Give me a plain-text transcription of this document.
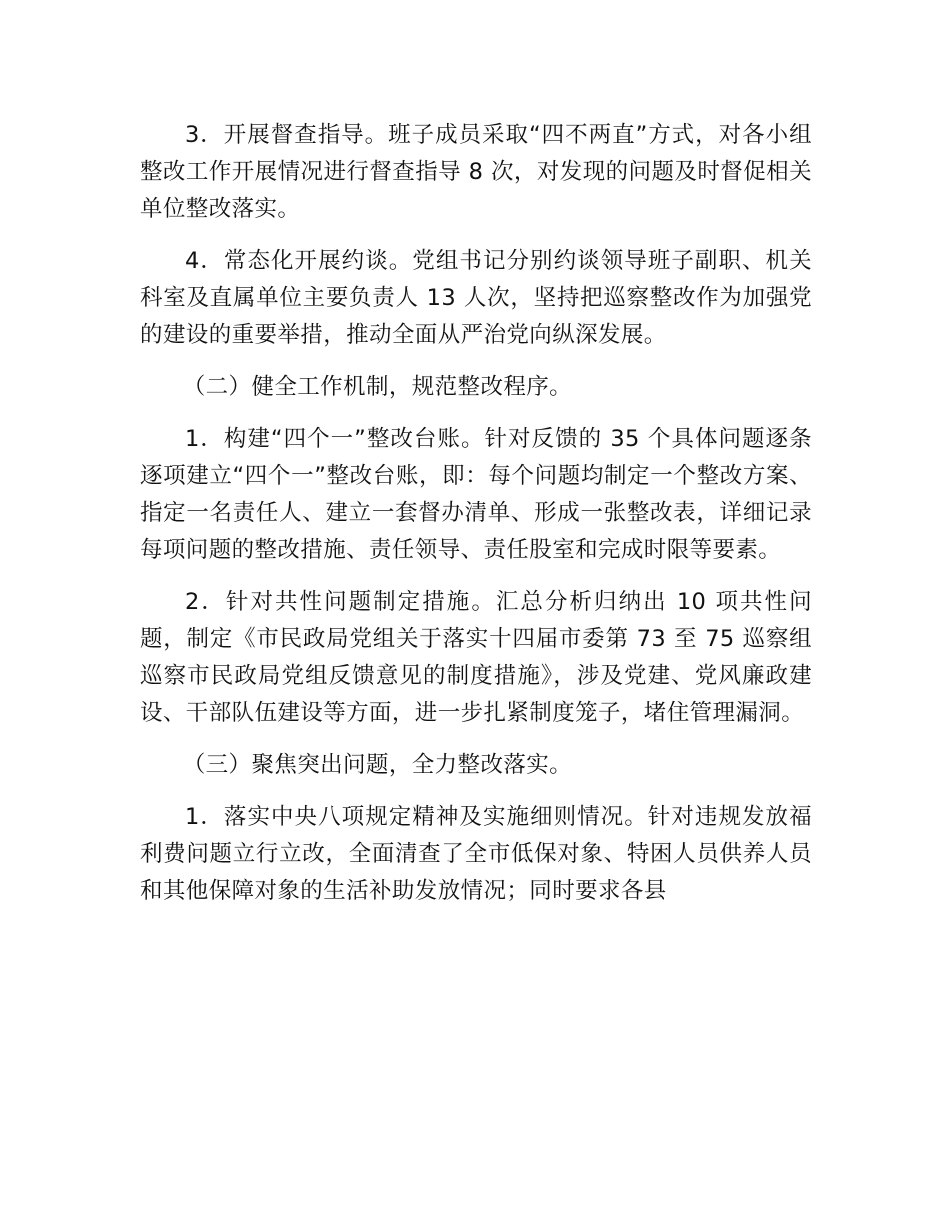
3．开展督查指导。班子成员采取“四不两直”方式，对各小组整改工作开展情况进行督查指导 8 次，对发现的问题及时督促相关单位整改落实。

4．常态化开展约谈。党组书记分别约谈领导班子副职、机关科室及直属单位主要负责人 13 人次，坚持把巡察整改作为加强党的建设的重要举措，推动全面从严治党向纵深发展。

（二）健全工作机制，规范整改程序。

1．构建“四个一”整改台账。针对反馈的 35 个具体问题逐条逐项建立“四个一”整改台账，即：每个问题均制定一个整改方案、指定一名责任人、建立一套督办清单、形成一张整改表，详细记录每项问题的整改措施、责任领导、责任股室和完成时限等要素。

2．针对共性问题制定措施。汇总分析归纳出 10 项共性问题，制定《市民政局党组关于落实十四届市委第 73 至 75 巡察组巡察市民政局党组反馈意见的制度措施》，涉及党建、党风廉政建设、干部队伍建设等方面，进一步扎紧制度笼子，堵住管理漏洞。

（三）聚焦突出问题，全力整改落实。

1．落实中央八项规定精神及实施细则情况。针对违规发放福利费问题立行立改，全面清查了全市低保对象、特困人员供养人员和其他保障对象的生活补助发放情况；同时要求各县
